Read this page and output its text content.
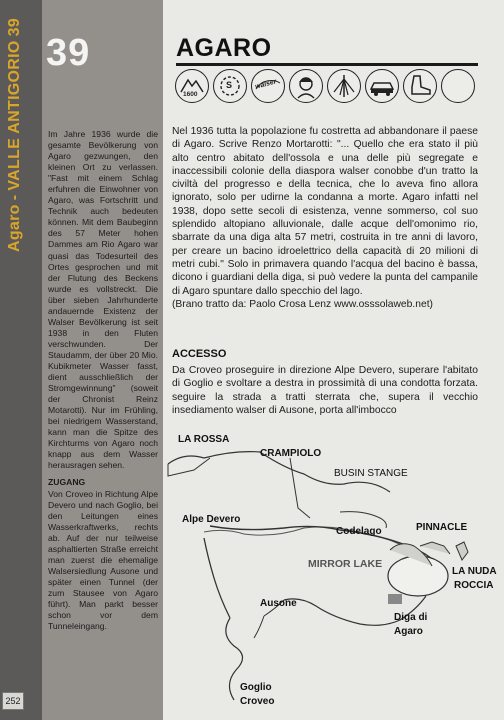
Agaro-VALLE ANTIGORIO39
39

Im Jahre 1936 wurde die gesamte Bevölkerung von Agaro gezwungen, den kleinen Ort zu verlassen. "Fast mit einem Schlag erfuhren die Einwohner von Agaro, was Fortschritt und Technik auch bedeuten können. Mit dem Baubeginn des 57 Meter hohen Dammes am Rio Agaro war quasi das Todesurteil des Ortes gesprochen und mit der Flutung des Beckens wurde es vollstreckt. Die über sieben Jahrhunderte andauernde Existenz der Walser Bevölkerung ist seit 1938 in den Fluten verschwunden. Der Staudamm, der über 20 Mio. Kubikmeter Wasser fasst, dient ausschließlich der Stromgewinnung" (soweit der Chronist Reinz Motarotti). Nur im Frühling, bei niedrigem Wasserstand, kann man die Spitze des Kirchturms von Agaro noch knapp aus dem Wasser herausragen sehen.

ZUGANG

Von Croveo in Richtung Alpe Devero und nach Goglio, bei den Leitungen eines Wasserkraftwerks, rechts ab. Auf der nur teilweise asphaltierten Straße erreicht man zuerst die ehemalige Walsersiedlung Ausone und später einen Tunnel (der zum Stausee von Agaro führt). Man parkt besser schon vor dem Tunneleingang.

252
AGARO
1600
S	walser

Nel 1936 tutta la popolazione fu costretta ad abbandonare il paese di Agaro. Scrive Renzo Mortarotti: "... Quello che era stato il più alto centro abitato dell'ossola e una delle più segregate e inaccessibili colonie della diaspora walser conobbe d'un tratto la civiltà del progresso e della tecnica, che lo aveva fino allora ignorato, solo per udirne la condanna a morte. Agaro infatti nel 1938, dopo sette secoli di esistenza, venne sommerso, col suo splendido altopiano alluvionale, dalle acque dell'omonimo rio, sbarrate da una diga alta 57 metri, costruita in tre anni di lavoro, per creare un bacino idroelettrico della capacità di 20 milioni di metri cubi." Solo in primavera quando l'acqua del bacino è bassa, dicono i guardiani della diga, si può vedere la punta del campanile di Agaro spuntare dallo specchio del lago.

(Brano tratto da: Paolo Crosa Lenz www.osssolaweb.net)

ACCESSO
Da Croveo proseguire in direzione Alpe Devero, superare l'abitato di Goglio e svoltare a destra in prossimità di una condotta forzata. seguire la strada a tratti sterrata che, supera il vecchio insediamento walser di Ausone, porta all'imbocco
LA ROSSA
CRAMPIOLO
BUSIN STANGE
Alpe Devero
Codelago	PINNACLE
MIRROR LAKE
LA NUDA
ROCCIA
Ausone
Diga di
Agaro
Goglio
Croveo
